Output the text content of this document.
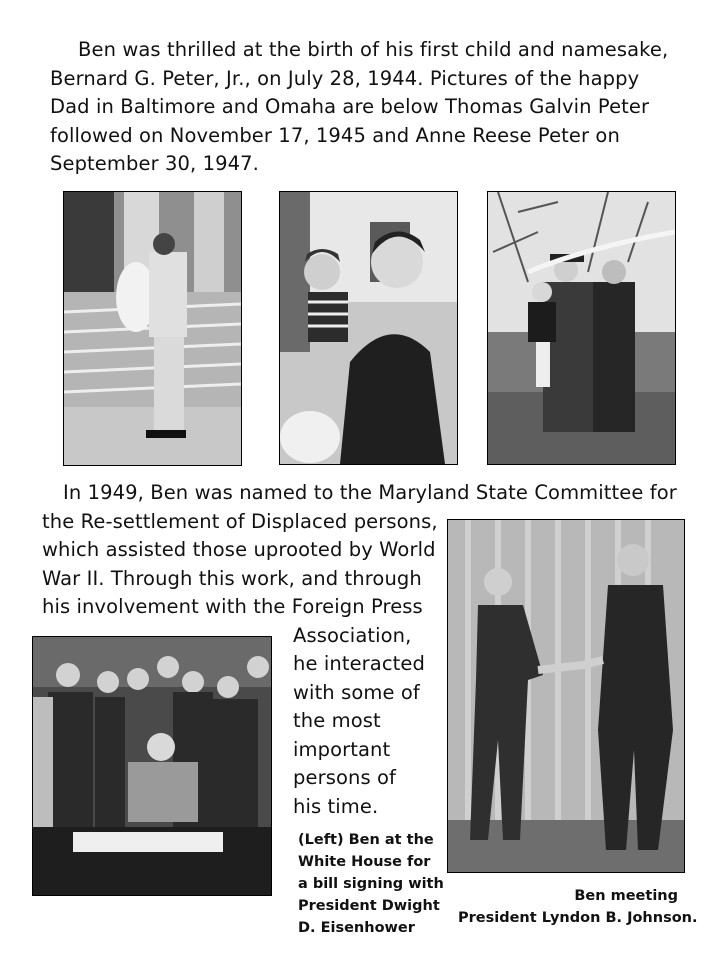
Ben was thrilled at the birth of his first child and namesake,
Bernard G. Peter, Jr., on July 28, 1944. Pictures of the happy
Dad in Baltimore and Omaha are below Thomas Galvin Peter
followed on November 17, 1945 and Anne Reese Peter on
September 30, 1947.
In 1949, Ben was named to the Maryland State Committee for
the Re-settlement of Displaced persons,
which assisted those uprooted by World
War II. Through this work, and through
his involvement with the Foreign Press
Association,
he interacted
with some of
the most
important
persons of
his time.
(Left) Ben at the
White House for
a bill signing with
President Dwight
D. Eisenhower
Ben meeting
President Lyndon B. Johnson.
